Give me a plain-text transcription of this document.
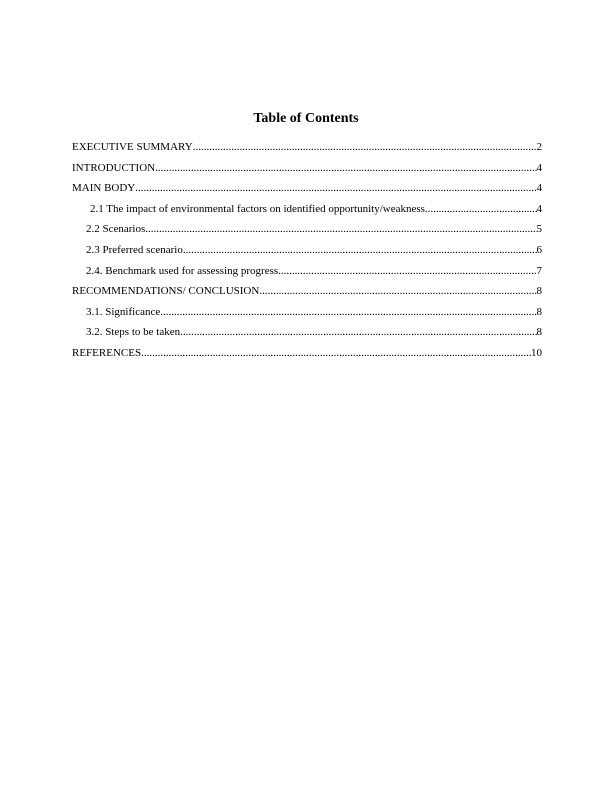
Table of Contents
EXECUTIVE SUMMARY .....	2
INTRODUCTION .....	4
MAIN BODY .....	4
2.1 The impact of environmental factors on identified opportunity/weakness .....	4
2.2 Scenarios .....	5
2.3 Preferred scenario .....	6
2.4. Benchmark used for assessing progress .....	7
RECOMMENDATIONS/ CONCLUSION .....	8
3.1. Significance .....	8
3.2. Steps to be taken .....	8
REFERENCES .....	10
